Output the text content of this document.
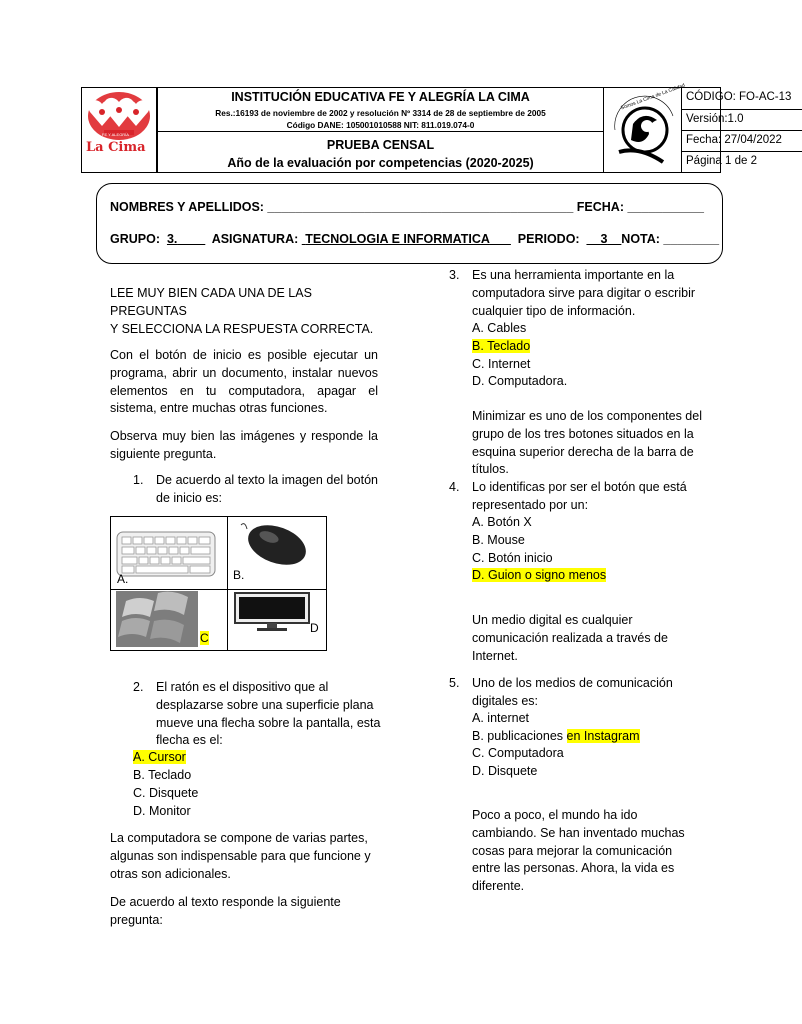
La Cima
FE Y ALEGRÍA
INSTITUCIÓN EDUCATIVA FE Y ALEGRÍA LA CIMA
Res.:16193 de noviembre de 2002 y resolución Nº 3314 de 28 de septiembre de 2005
Código DANE: 105001010588 NIT: 811.019.074-0
PRUEBA CENSAL
Año de la evaluación por competencias (2020-2025)
Somos La Cima de La Calidad CÓDIGO: FO-AC-13
Versión:1.0
Fecha: 27/04/2022
Página 1 de 2
NOMBRES Y APELLIDOS: ____________________________________________ FECHA: ___________
GRUPO: 3.____ ASIGNATURA: TECNOLOGIA E INFORMATICA___ PERIODO: __3__NOTA: ________
LEE MUY BIEN CADA UNA DE LAS PREGUNTAS
Y SELECCIONA LA RESPUESTA CORRECTA.
Con el botón de inicio es posible ejecutar un programa, abrir un documento, instalar nuevos elementos en tu computadora, apagar el sistema, entre muchas otras funciones.
Observa muy bien las imágenes y responde la siguiente pregunta.
1. De acuerdo al texto la imagen del botón de inicio es:
A.	B.
C
D
2. El ratón es el dispositivo que al desplazarse sobre una superficie plana mueve una flecha sobre la pantalla, esta flecha es el:
A. Cursor
B. Teclado
C. Disquete
D. Monitor
La computadora se compone de varias partes, algunas son indispensable para que funcione y otras son adicionales.
De acuerdo al texto responde la siguiente pregunta:
3. Es una herramienta importante en la computadora sirve para digitar o escribir cualquier tipo de información.
A. Cables
B. Teclado
C. Internet
D. Computadora.
Minimizar es uno de los componentes del grupo de los tres botones situados en la esquina superior derecha de la barra de títulos.
4. Lo identificas por ser el botón que está representado por un:
A. Botón X
B. Mouse
C. Botón inicio
D. Guion o signo menos
Un medio digital es cualquier comunicación realizada a través de Internet.
5. Uno de los medios de comunicación digitales es:
A. internet
B. publicaciones en Instagram
C. Computadora
D. Disquete
Poco a poco, el mundo ha ido cambiando. Se han inventado muchas cosas para mejorar la comunicación entre las personas. Ahora, la vida es diferente.
